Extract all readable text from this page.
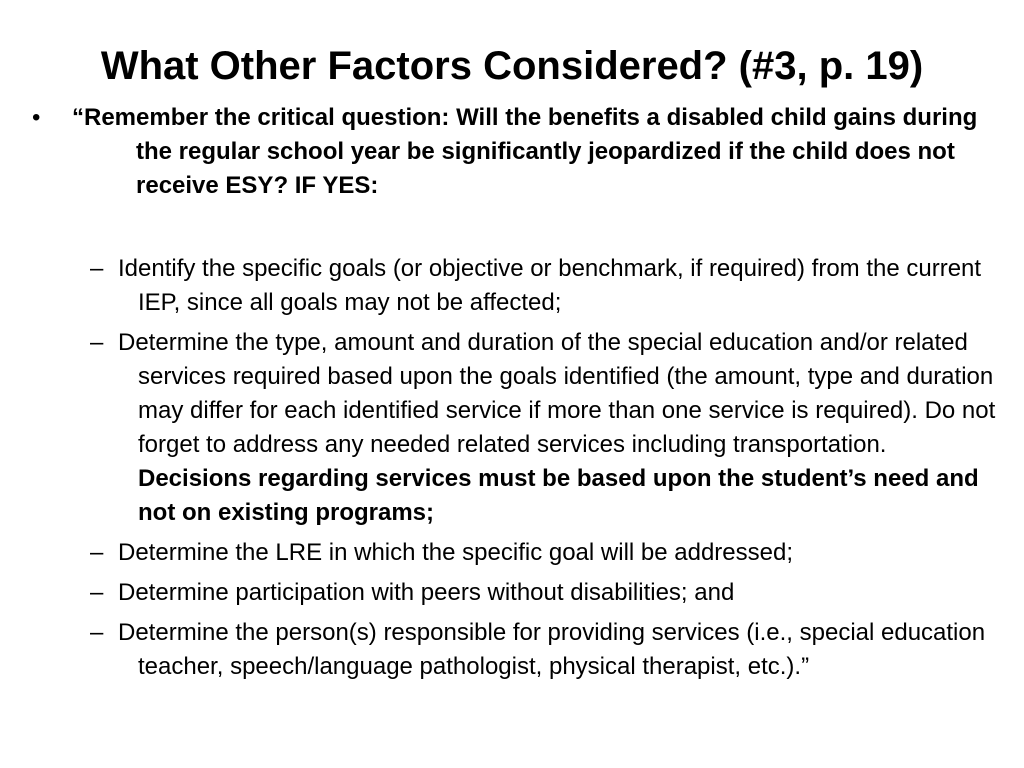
What Other Factors Considered? (#3, p. 19)
•	“Remember the critical question: Will the benefits a disabled child gains during the regular school year be significantly jeopardized if the child does not receive ESY? IF YES:
– Identify the specific goals (or objective or benchmark, if required) from the current IEP, since all goals may not be affected;
– Determine the type, amount and duration of the special education and/or related services required based upon the goals identified (the amount, type and duration may differ for each identified service if more than one service is required). Do not forget to address any needed related services including transportation. Decisions regarding services must be based upon the student’s need and not on existing programs;
– Determine the LRE in which the specific goal will be addressed;
– Determine participation with peers without disabilities; and
– Determine the person(s) responsible for providing services (i.e., special education teacher, speech/language pathologist, physical therapist, etc.).”
